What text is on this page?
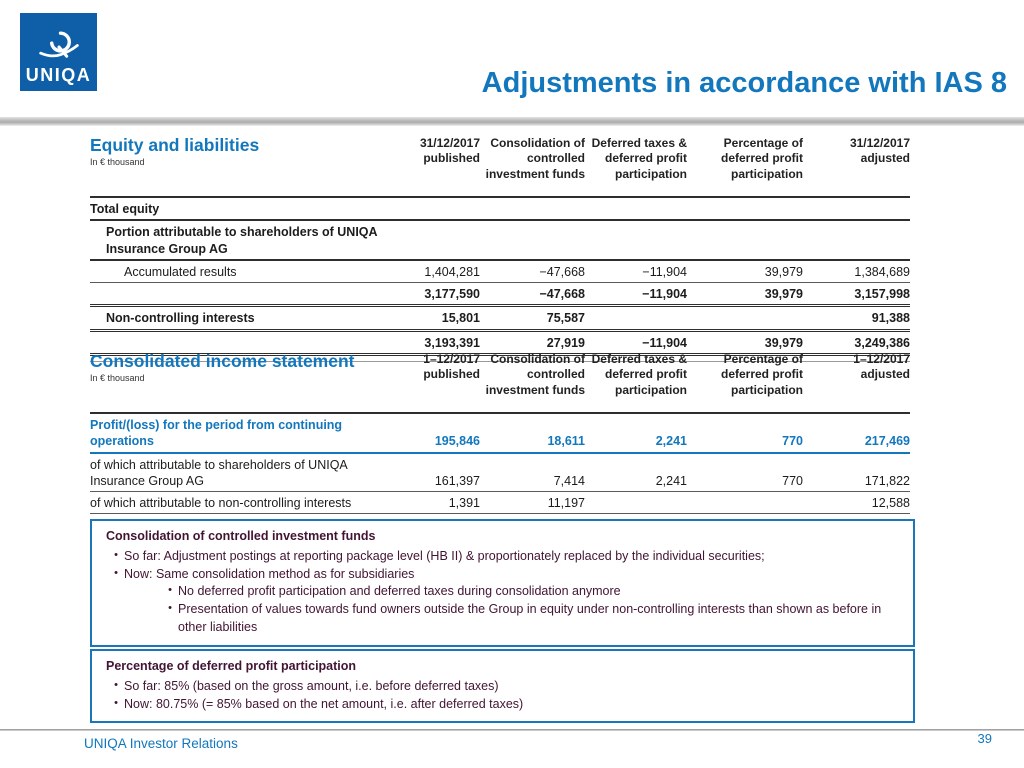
UNIQA	Adjustments in accordance with IAS 8
Equity and liabilities
In € thousand	31/12/2017 published	Consolidation of controlled investment funds	Deferred taxes & deferred profit participation	Percentage of deferred profit participation	31/12/2017 adjusted
Total equity					
Portion attributable to shareholders of UNIQA Insurance Group AG					
Accumulated results	1,404,281	−47,668	−11,904	39,979	1,384,689
	3,177,590	−47,668	−11,904	39,979	3,157,998
Non-controlling interests	15,801	75,587			91,388
	3,193,391	27,919	−11,904	39,979	3,249,386
Consolidated income statement
In € thousand	1–12/2017 published	Consolidation of controlled investment funds	Deferred taxes & deferred profit participation	Percentage of deferred profit participation	1–12/2017 adjusted
Profit/(loss) for the period from continuing operations	195,846	18,611	2,241	770	217,469
of which attributable to shareholders of UNIQA Insurance Group AG	161,397	7,414	2,241	770	171,822
of which attributable to non-controlling interests	1,391	11,197			12,588
Consolidation of controlled investment funds
• So far: Adjustment postings at reporting package level (HB II) & proportionately replaced by the individual securities;
• Now: Same consolidation method as for subsidiaries
• No deferred profit participation and deferred taxes during consolidation anymore
• Presentation of values towards fund owners outside the Group in equity under non-controlling interests than shown as before in other liabilities
Percentage of deferred profit participation
• So far: 85% (based on the gross amount, i.e. before deferred taxes)
• Now: 80.75% (= 85% based on the net amount, i.e. after deferred taxes)
UNIQA Investor Relations	39
